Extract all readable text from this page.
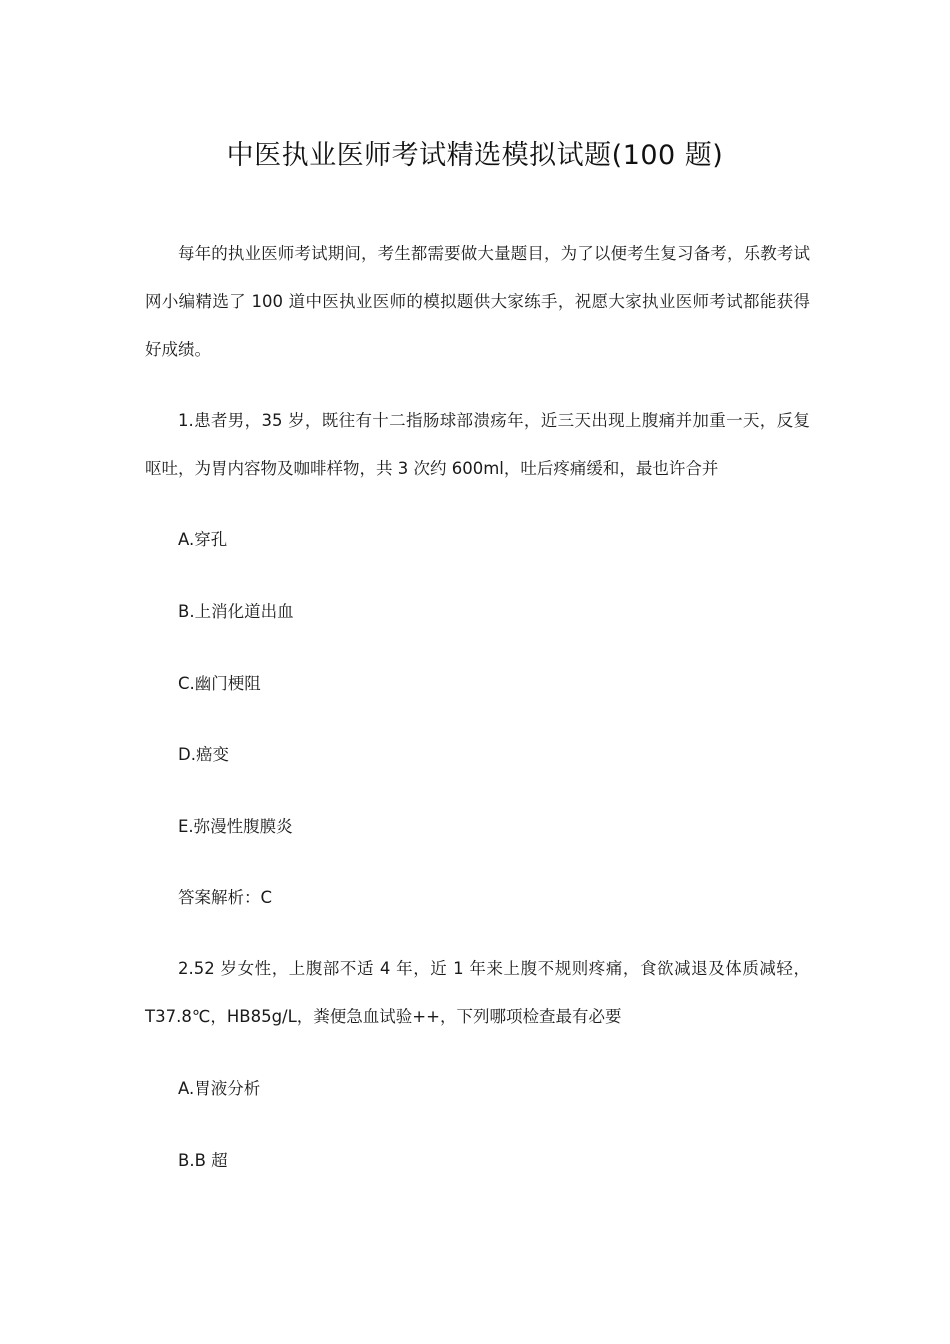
中医执业医师考试精选模拟试题(100 题)
每年的执业医师考试期间，考生都需要做大量题目，为了以便考生复习备考，乐教考试网小编精选了 100 道中医执业医师的模拟题供大家练手，祝愿大家执业医师考试都能获得好成绩。
1.患者男，35 岁，既往有十二指肠球部溃疡年，近三天出现上腹痛并加重一天，反复呕吐，为胃内容物及咖啡样物，共 3 次约 600ml，吐后疼痛缓和，最也许合并
A.穿孔
B.上消化道出血
C.幽门梗阻
D.癌变
E.弥漫性腹膜炎
答案解析：C
2.52 岁女性，上腹部不适 4 年，近 1 年来上腹不规则疼痛，食欲减退及体质减轻，T37.8℃，HB85g/L，粪便急血试验++，下列哪项检查最有必要
A.胃液分析
B.B 超
